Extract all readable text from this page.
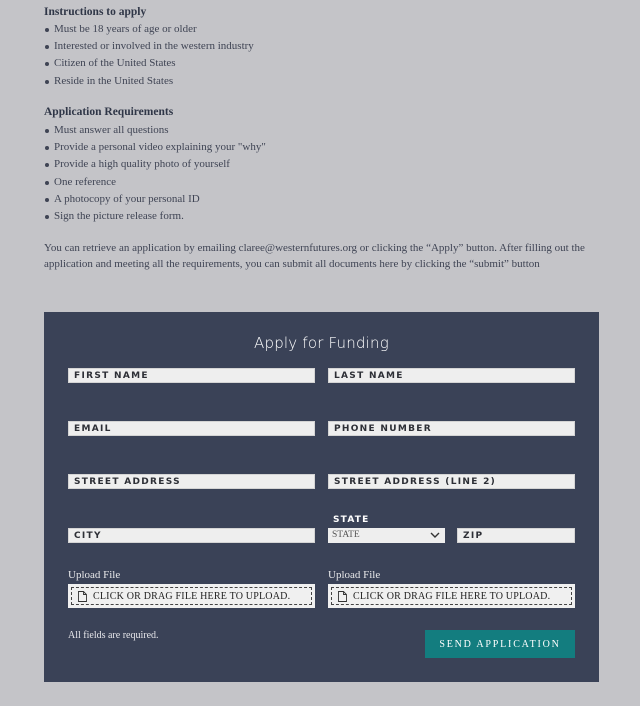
Instructions to apply
Must be 18 years of age or older
Interested or involved in the western industry
Citizen of the United States
Reside in the United States
Application Requirements
Must answer all questions
Provide a personal video explaining your "why"
Provide a high quality photo of yourself
One reference
A photocopy of your personal ID
Sign the picture release form.

You can retrieve an application by emailing claree@westernfutures.org or clicking the “Apply” button. After filling out the application and meeting all the requirements, you can submit all documents here by clicking the “submit” button

Apply for Funding
FIRST NAME
LAST NAME
EMAIL
PHONE NUMBER
STREET ADDRESS
STREET ADDRESS (LINE 2)
CITY
STATE
STATE
ZIP
Upload File	Upload File
CLICK OR DRAG FILE HERE TO UPLOAD.	CLICK OR DRAG FILE HERE TO UPLOAD.
All fields are required.
SEND APPLICATION
